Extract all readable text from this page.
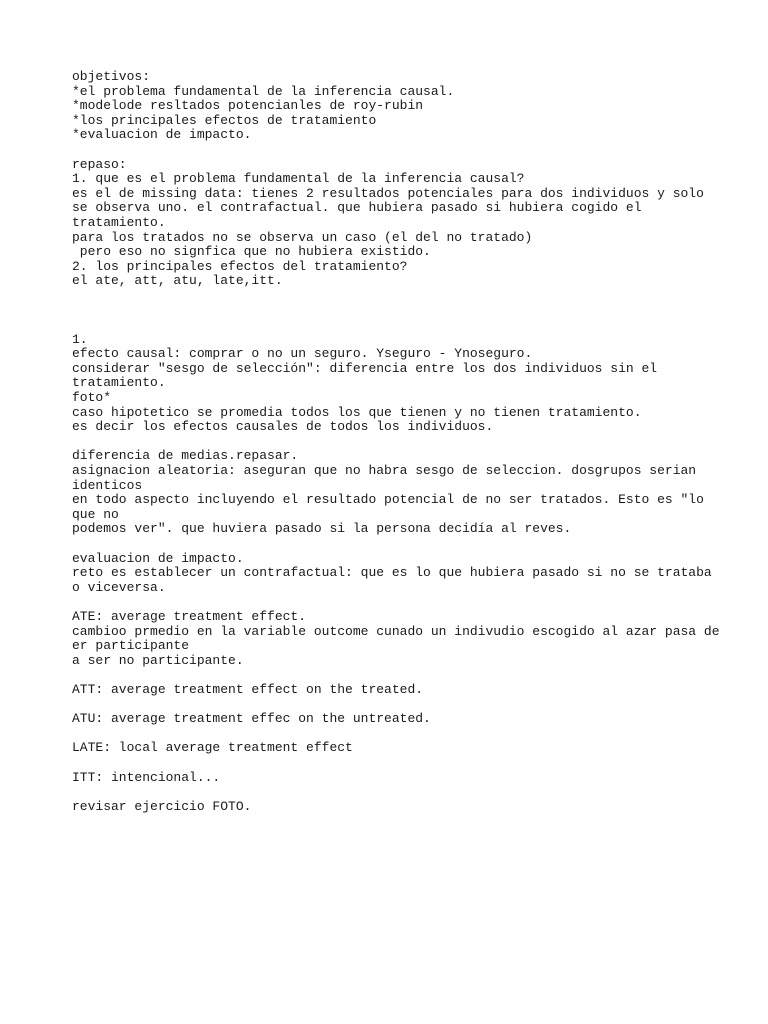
objetivos:
*el problema fundamental de la inferencia causal.
*modelode resltados potencianles de roy-rubin
*los principales efectos de tratamiento
*evaluacion de impacto.
repaso:
1. que es el problema fundamental de la inferencia causal?
es el de missing data: tienes 2 resultados potenciales para dos individuos y solo
se observa uno. el contrafactual. que hubiera pasado si hubiera cogido el
tratamiento.
para los tratados no se observa un caso (el del no tratado)
pero eso no signfica que no hubiera existido.
2. los principales efectos del tratamiento?
el ate, att, atu, late,itt.
1.
efecto causal: comprar o no un seguro. Yseguro - Ynoseguro.
considerar "sesgo de selección": diferencia entre los dos individuos sin el
tratamiento.
foto*
caso hipotetico se promedia todos los que tienen y no tienen tratamiento.
es decir los efectos causales de todos los individuos.
diferencia de medias.repasar.
asignacion aleatoria: aseguran que no habra sesgo de seleccion. dosgrupos serian
identicos
en todo aspecto incluyendo el resultado potencial de no ser tratados. Esto es "lo
que no
podemos ver". que huviera pasado si la persona decidía al reves.
evaluacion de impacto.
reto es establecer un contrafactual: que es lo que hubiera pasado si no se trataba
o viceversa.
ATE: average treatment effect.
cambioo prmedio en la variable outcome cunado un indivudio escogido al azar pasa de
er participante
a ser no participante.
ATT: average treatment effect on the treated.
ATU: average treatment effec on the untreated.
LATE: local average treatment effect
ITT: intencional...
revisar ejercicio FOTO.
